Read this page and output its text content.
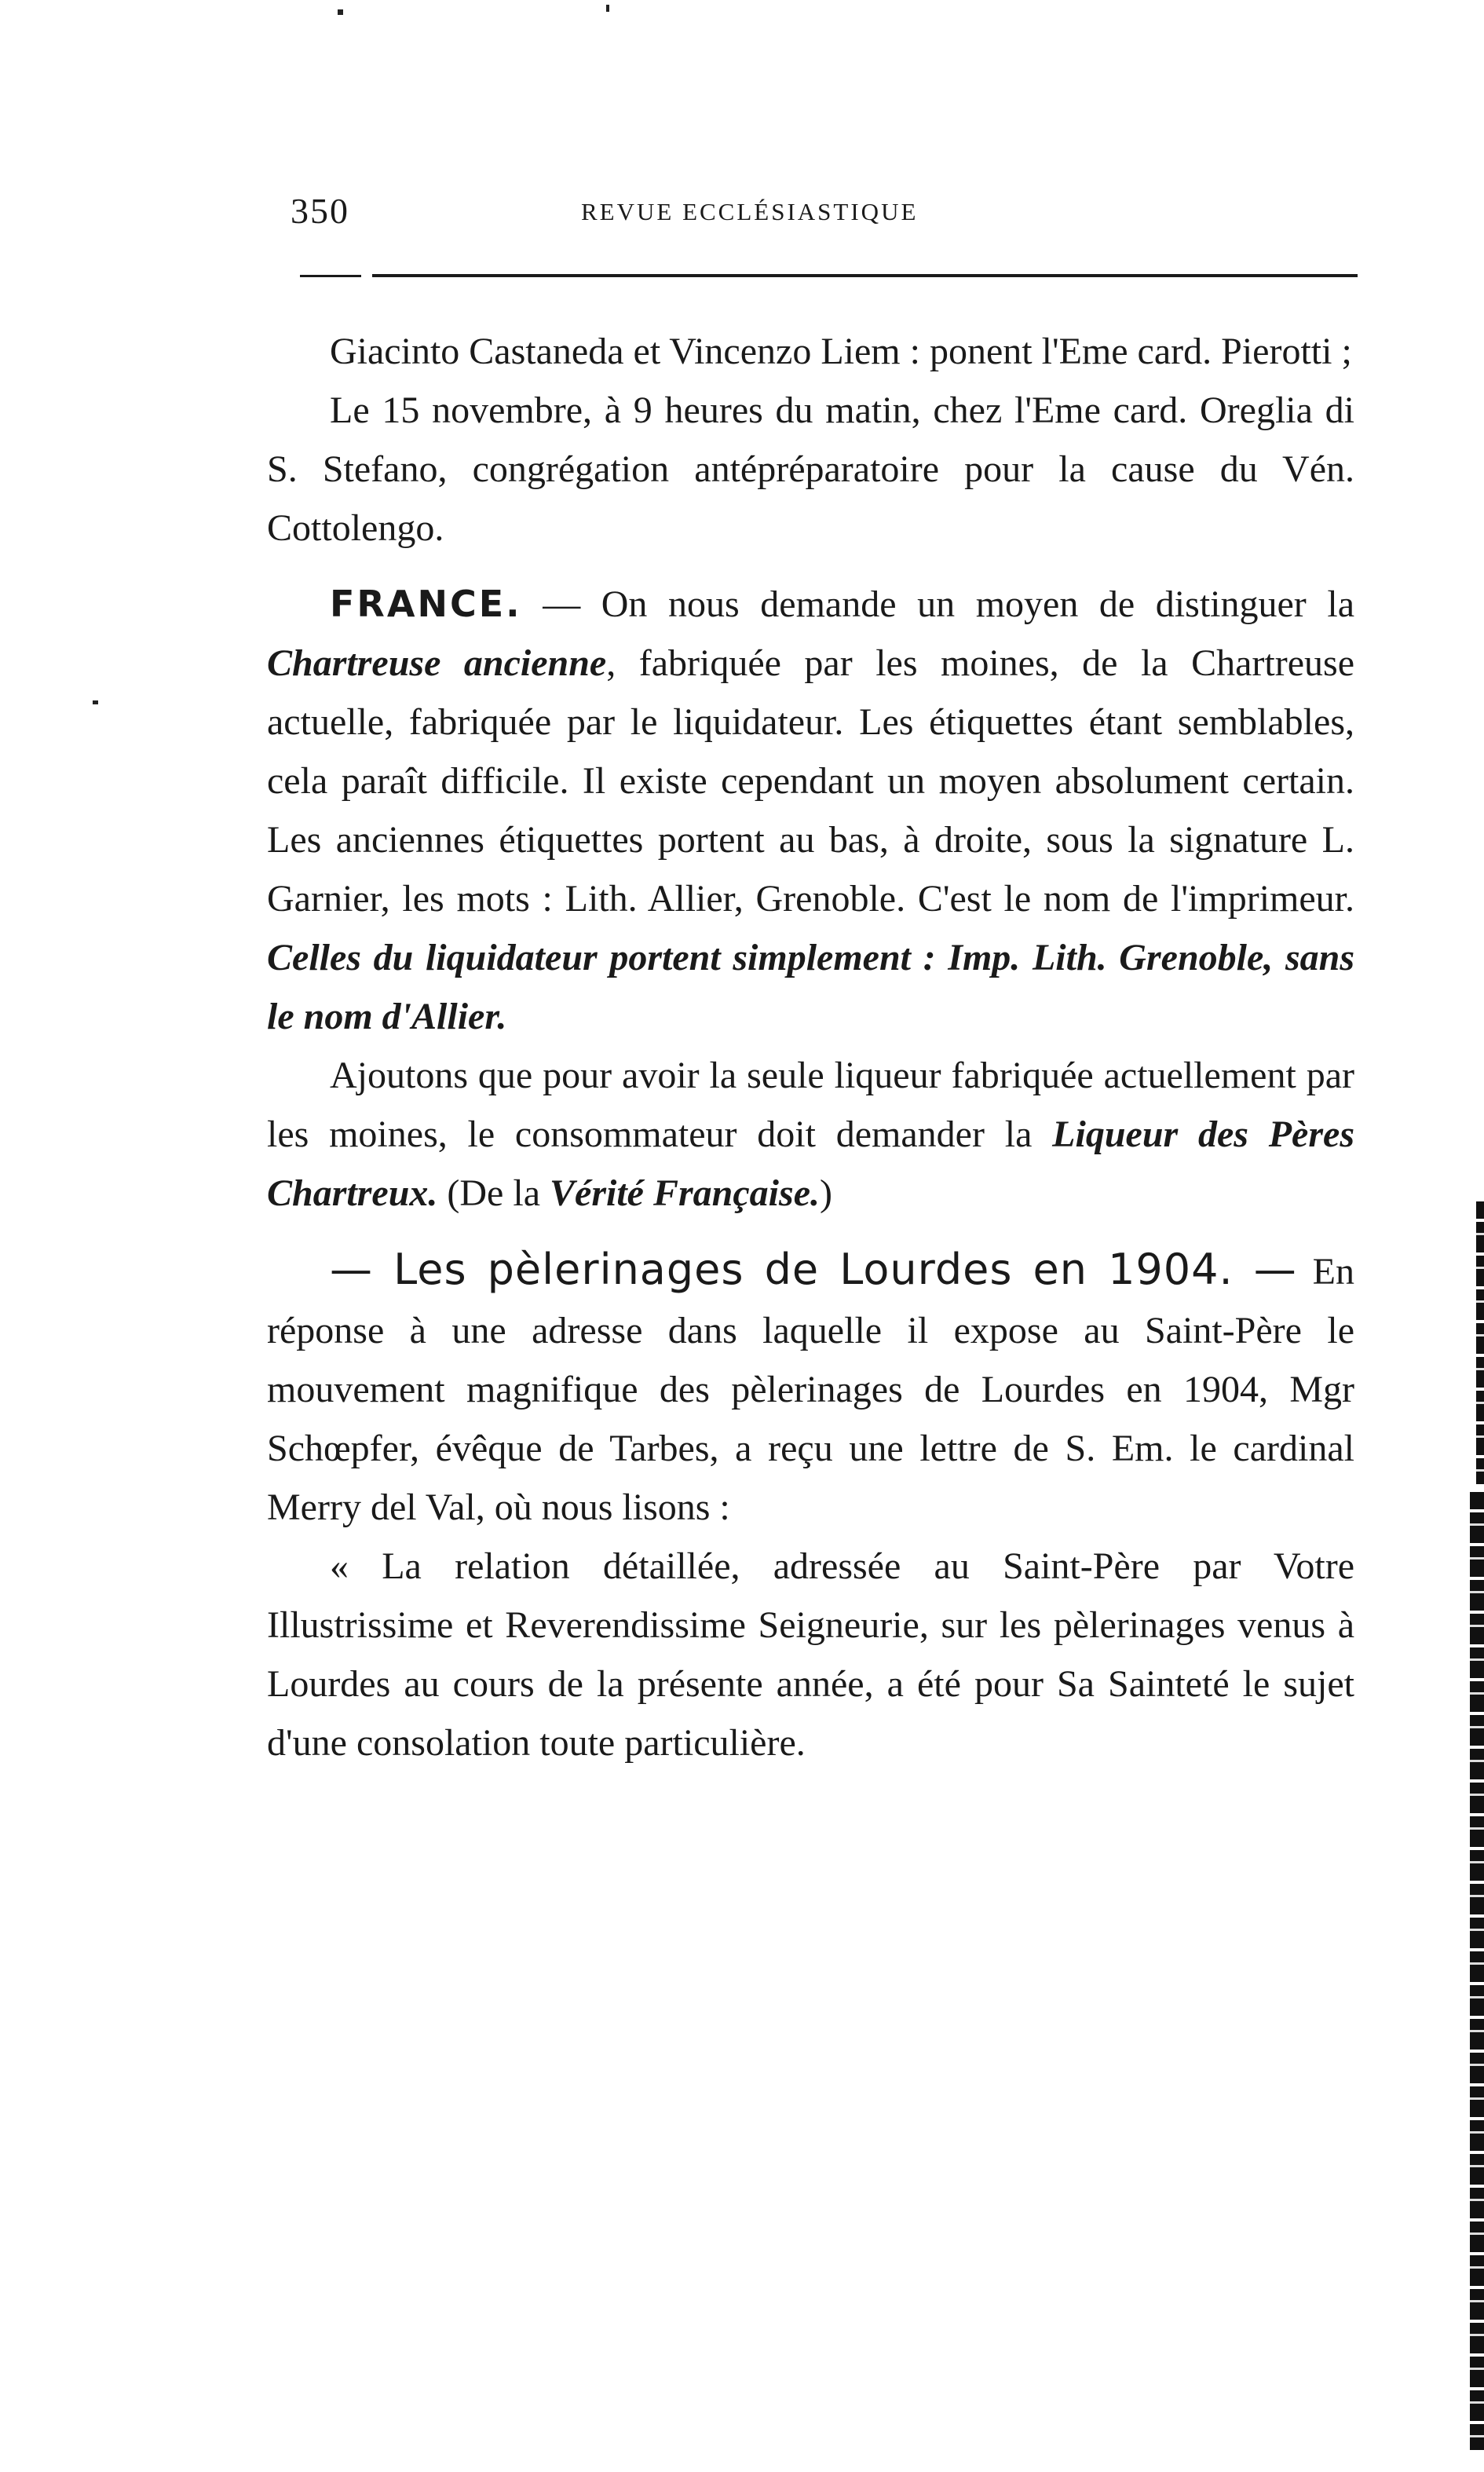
350	REVUE ECCLÉSIASTIQUE

Giacinto Castaneda et Vincenzo Liem : ponent l'Eme card. Pierotti ;

Le 15 novembre, à 9 heures du matin, chez l'Eme card. Oreglia di S. Stefano, congrégation antépréparatoire pour la cause du Vén. Cottolengo.

FRANCE. — On nous demande un moyen de distinguer la Chartreuse ancienne, fabriquée par les moines, de la Chartreuse actuelle, fabriquée par le liquidateur. Les étiquettes étant semblables, cela paraît difficile. Il existe cependant un moyen absolument certain. Les anciennes étiquettes portent au bas, à droite, sous la signature L. Garnier, les mots : Lith. Allier, Grenoble. C'est le nom de l'imprimeur. Celles du liquidateur portent simplement : Imp. Lith. Grenoble, sans le nom d'Allier.

Ajoutons que pour avoir la seule liqueur fabriquée actuellement par les moines, le consommateur doit demander la Liqueur des Pères Chartreux. (De la Vérité Française.)

— Les pèlerinages de Lourdes en 1904. — En réponse à une adresse dans laquelle il expose au Saint-Père le mouvement magnifique des pèlerinages de Lourdes en 1904, Mgr Schœpfer, évêque de Tarbes, a reçu une lettre de S. Em. le cardinal Merry del Val, où nous lisons :

« La relation détaillée, adressée au Saint-Père par Votre Illustrissime et Reverendissime Seigneurie, sur les pèlerinages venus à Lourdes au cours de la présente année, a été pour Sa Sainteté le sujet d'une consolation toute particulière.
